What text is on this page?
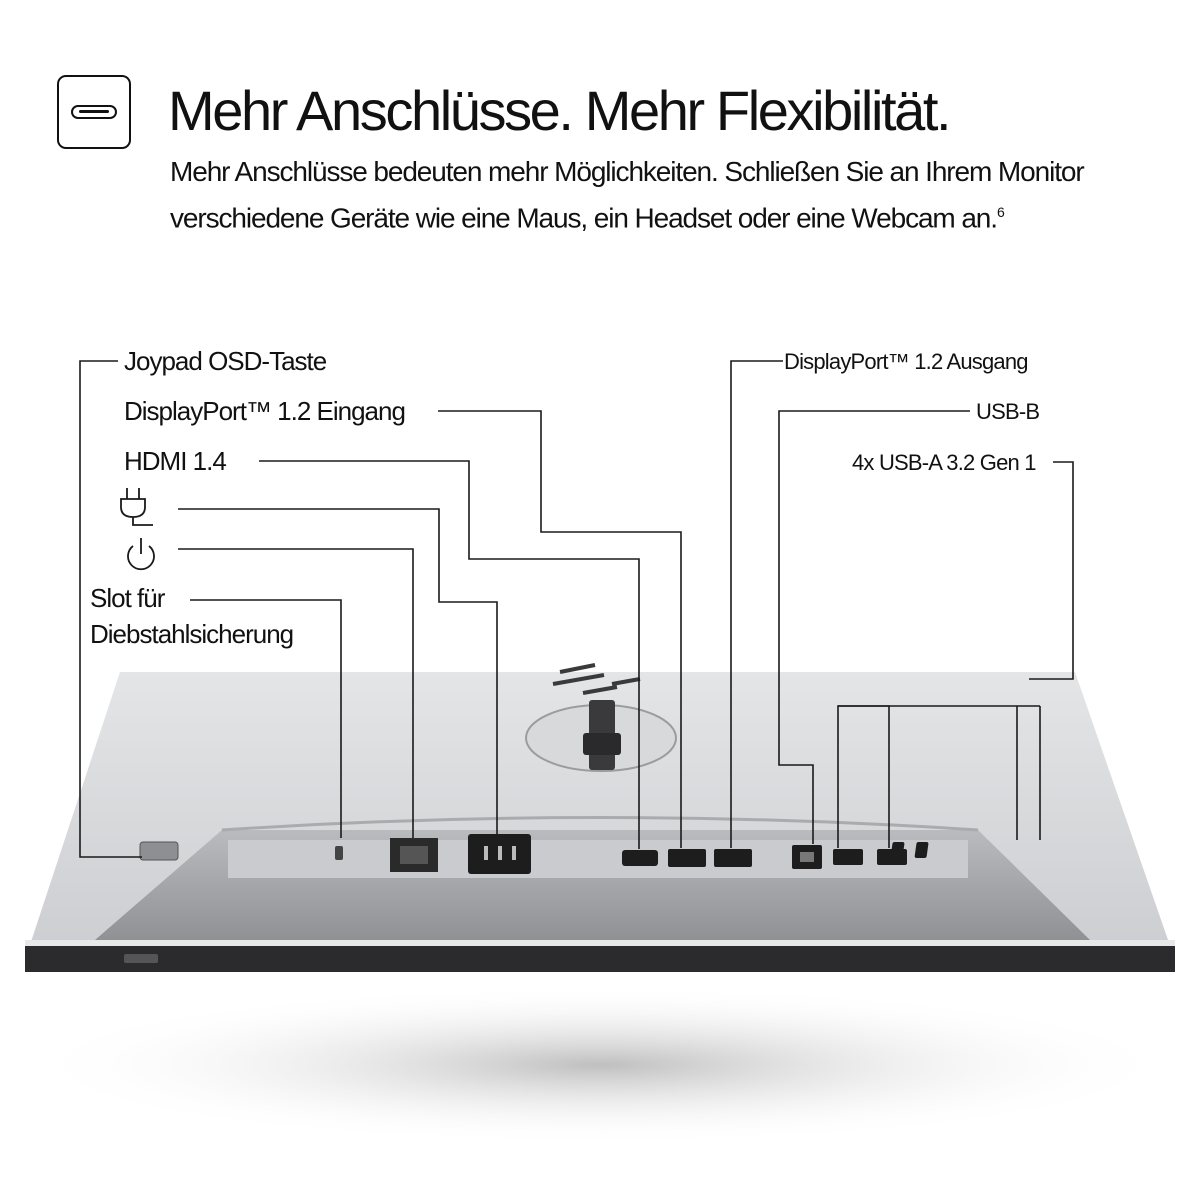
Mehr Anschlüsse. Mehr Flexibilität.

Mehr Anschlüsse bedeuten mehr Möglichkeiten. Schließen Sie an Ihrem Monitor verschiedene Geräte wie eine Maus, ein Headset oder eine Webcam an.$^6$

Joypad OSD-Taste
DisplayPort™ 1.2 Eingang
HDMI 1.4
Slot für
Diebstahlsicherung
DisplayPort™ 1.2 Ausgang
USB-B
4x USB-A 3.2 Gen 1
